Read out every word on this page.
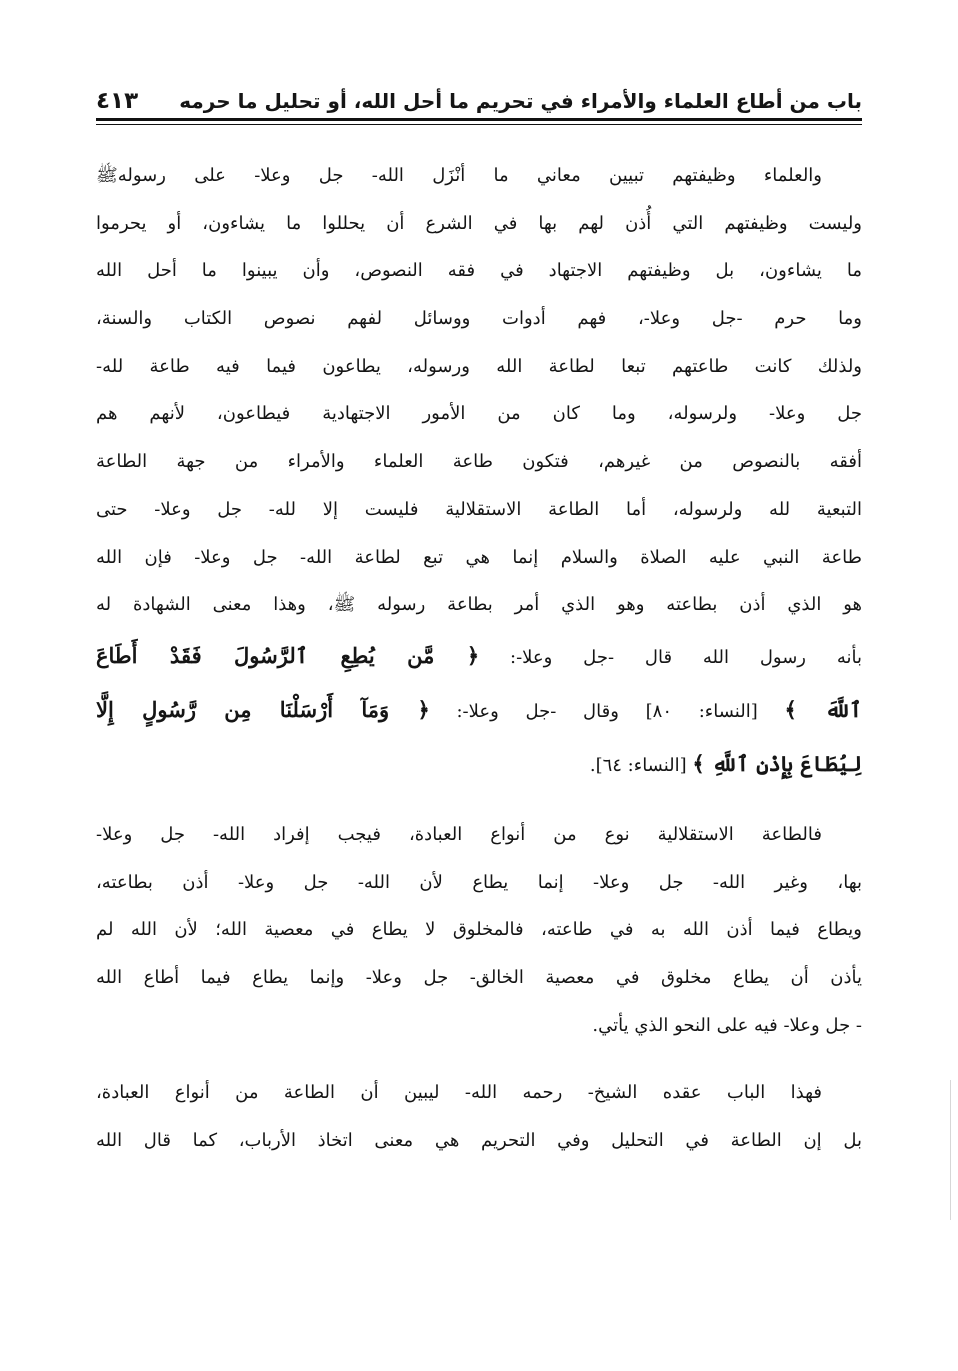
باب من أطاع العلماء والأمراء في تحريم ما أحل الله، أو تحليل ما حرمه
٤١٣
والعلماء وظيفتهم تبيين معاني ما أنْزَل الله- جل وعلا- على رسولهﷺ
وليست وظيفتهم التي أُذن لهم بها في الشرع أن يحللوا ما يشاءون، أو يحرموا
ما يشاءون، بل وظيفتهم الاجتهاد في فقه النصوص، وأن يبينوا ما أحل الله
وما حرم -جل وعلا-، فهم أدوات ووسائل لفهم نصوص الكتاب والسنة،
ولذلك كانت طاعتهم تبعا لطاعة الله ورسوله، يطاعون فيما فيه طاعة لله-
جل وعلا- ولرسوله، وما كان من الأمور الاجتهادية فيطاعون، لأنهم هم
أفقه بالنصوص من غيرهم، فتكون طاعة العلماء والأمراء من جهة الطاعة
التبعية لله ولرسوله، أما الطاعة الاستقلالية فليست إلا لله- جل وعلا- حتى
طاعة النبي عليه الصلاة والسلام إنما هي تبع لطاعة الله- جل وعلا- فإن الله
هو الذي أذن بطاعته وهو الذي أمر بطاعة رسوله ﷺ، وهذا معنى الشهادة له
بأنه رسول الله قال -جل وعلا-: ﴿ مَّن يُطِعِ ٱلرَّسُولَ فَقَدْ أَطَاعَ
ٱللَّهَ ﴾ [النساء: ٨٠] وقال -جل وعلا-: ﴿ وَمَآ أَرْسَلْنَا مِن رَّسُولٍ إِلَّا
لِيُطَاعَ بِإِذْنِ ٱللَّهِ ﴾ [النساء: ٦٤].
فالطاعة الاستقلالية نوع من أنواع العبادة، فيجب إفراد الله- جل وعلا-
بها، وغير الله- جل وعلا- إنما يطاع لأن الله- جل وعلا- أذن بطاعته،
ويطاع فيما أذن الله به في طاعته، فالمخلوق لا يطاع في معصية الله؛ لأن الله لم
يأذن أن يطاع مخلوق في معصية الخالق- جل وعلا- وإنما يطاع فيما أطاع الله
- جل وعلا- فيه على النحو الذي يأتي.
فهذا الباب عقده الشيخ- رحمه الله- ليبين أن الطاعة من أنواع العبادة،
بل إن الطاعة في التحليل وفي التحريم هي معنى اتخاذ الأرباب، كما قال الله
